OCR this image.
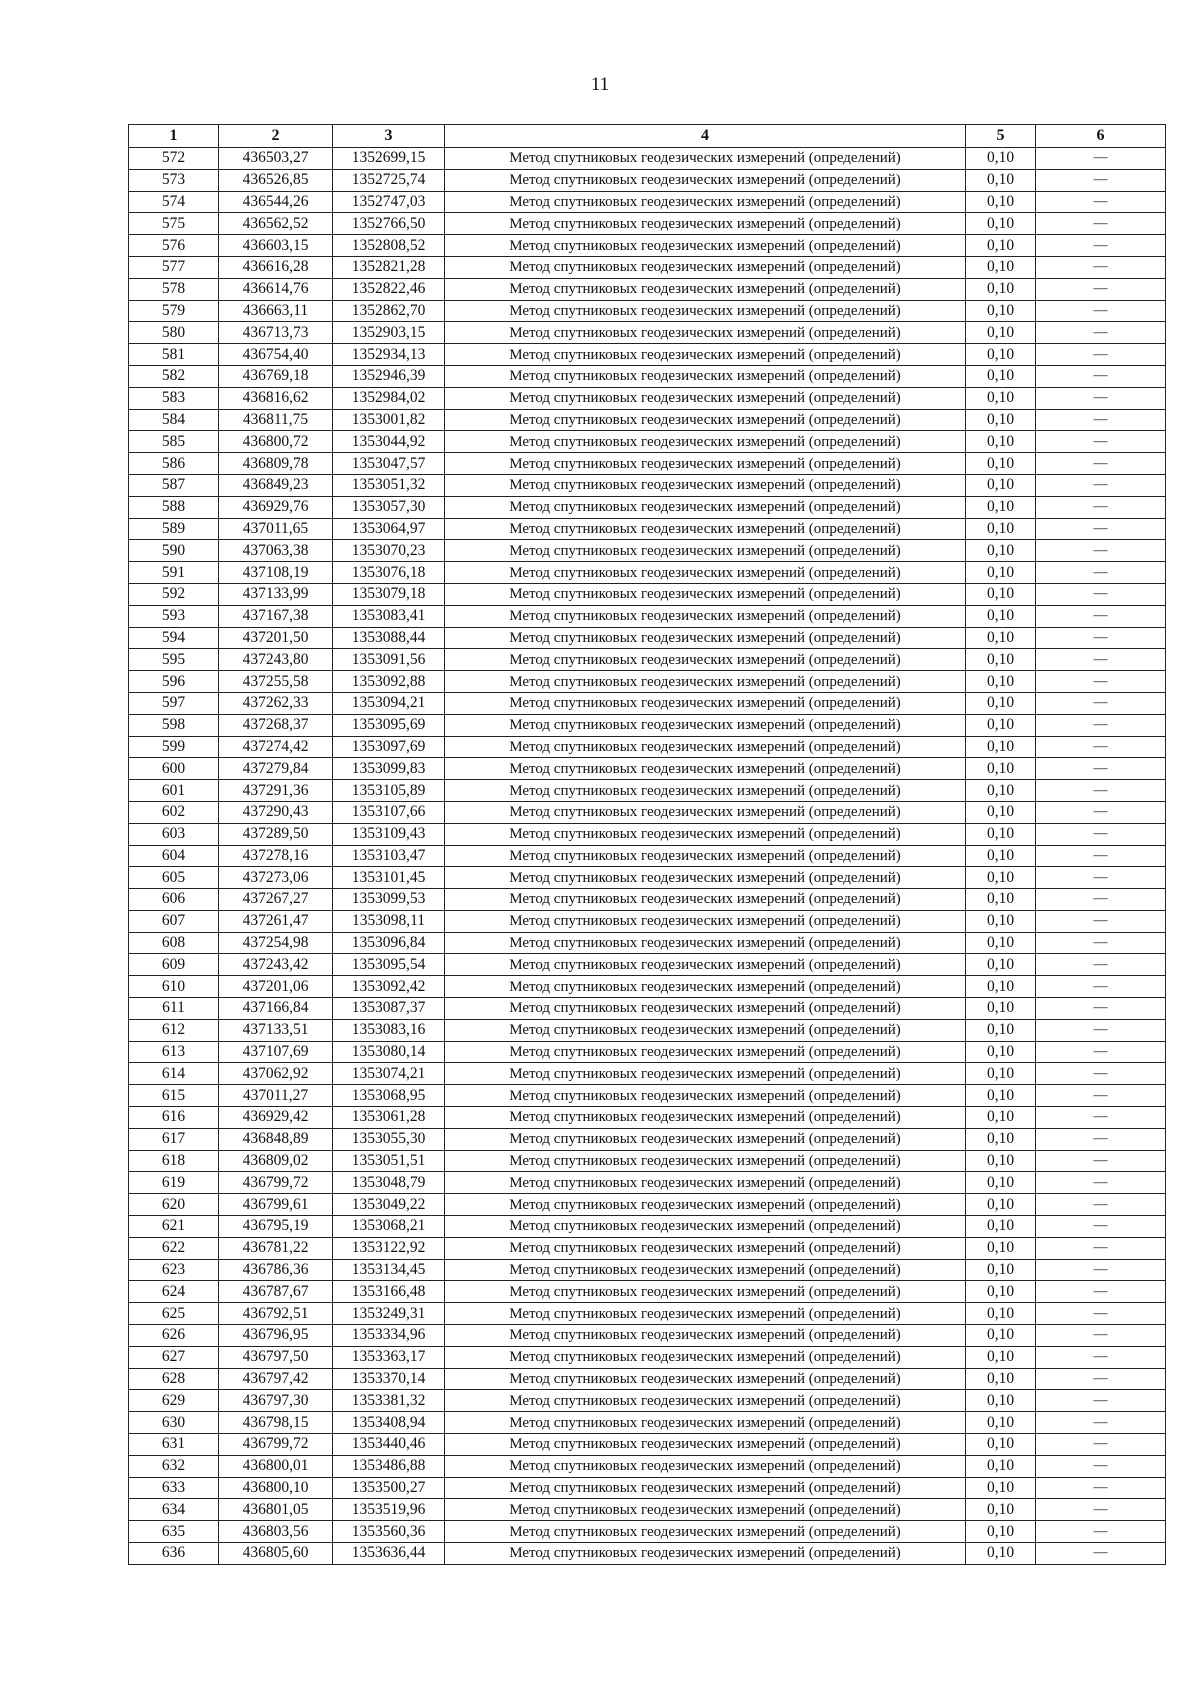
11
1	2	3	4	5	6
572	436503,27	1352699,15	Метод спутниковых геодезических измерений (определений)	0,10	—
573	436526,85	1352725,74	Метод спутниковых геодезических измерений (определений)	0,10	—
574	436544,26	1352747,03	Метод спутниковых геодезических измерений (определений)	0,10	—
575	436562,52	1352766,50	Метод спутниковых геодезических измерений (определений)	0,10	—
576	436603,15	1352808,52	Метод спутниковых геодезических измерений (определений)	0,10	—
577	436616,28	1352821,28	Метод спутниковых геодезических измерений (определений)	0,10	—
578	436614,76	1352822,46	Метод спутниковых геодезических измерений (определений)	0,10	—
579	436663,11	1352862,70	Метод спутниковых геодезических измерений (определений)	0,10	—
580	436713,73	1352903,15	Метод спутниковых геодезических измерений (определений)	0,10	—
581	436754,40	1352934,13	Метод спутниковых геодезических измерений (определений)	0,10	—
582	436769,18	1352946,39	Метод спутниковых геодезических измерений (определений)	0,10	—
583	436816,62	1352984,02	Метод спутниковых геодезических измерений (определений)	0,10	—
584	436811,75	1353001,82	Метод спутниковых геодезических измерений (определений)	0,10	—
585	436800,72	1353044,92	Метод спутниковых геодезических измерений (определений)	0,10	—
586	436809,78	1353047,57	Метод спутниковых геодезических измерений (определений)	0,10	—
587	436849,23	1353051,32	Метод спутниковых геодезических измерений (определений)	0,10	—
588	436929,76	1353057,30	Метод спутниковых геодезических измерений (определений)	0,10	—
589	437011,65	1353064,97	Метод спутниковых геодезических измерений (определений)	0,10	—
590	437063,38	1353070,23	Метод спутниковых геодезических измерений (определений)	0,10	—
591	437108,19	1353076,18	Метод спутниковых геодезических измерений (определений)	0,10	—
592	437133,99	1353079,18	Метод спутниковых геодезических измерений (определений)	0,10	—
593	437167,38	1353083,41	Метод спутниковых геодезических измерений (определений)	0,10	—
594	437201,50	1353088,44	Метод спутниковых геодезических измерений (определений)	0,10	—
595	437243,80	1353091,56	Метод спутниковых геодезических измерений (определений)	0,10	—
596	437255,58	1353092,88	Метод спутниковых геодезических измерений (определений)	0,10	—
597	437262,33	1353094,21	Метод спутниковых геодезических измерений (определений)	0,10	—
598	437268,37	1353095,69	Метод спутниковых геодезических измерений (определений)	0,10	—
599	437274,42	1353097,69	Метод спутниковых геодезических измерений (определений)	0,10	—
600	437279,84	1353099,83	Метод спутниковых геодезических измерений (определений)	0,10	—
601	437291,36	1353105,89	Метод спутниковых геодезических измерений (определений)	0,10	—
602	437290,43	1353107,66	Метод спутниковых геодезических измерений (определений)	0,10	—
603	437289,50	1353109,43	Метод спутниковых геодезических измерений (определений)	0,10	—
604	437278,16	1353103,47	Метод спутниковых геодезических измерений (определений)	0,10	—
605	437273,06	1353101,45	Метод спутниковых геодезических измерений (определений)	0,10	—
606	437267,27	1353099,53	Метод спутниковых геодезических измерений (определений)	0,10	—
607	437261,47	1353098,11	Метод спутниковых геодезических измерений (определений)	0,10	—
608	437254,98	1353096,84	Метод спутниковых геодезических измерений (определений)	0,10	—
609	437243,42	1353095,54	Метод спутниковых геодезических измерений (определений)	0,10	—
610	437201,06	1353092,42	Метод спутниковых геодезических измерений (определений)	0,10	—
611	437166,84	1353087,37	Метод спутниковых геодезических измерений (определений)	0,10	—
612	437133,51	1353083,16	Метод спутниковых геодезических измерений (определений)	0,10	—
613	437107,69	1353080,14	Метод спутниковых геодезических измерений (определений)	0,10	—
614	437062,92	1353074,21	Метод спутниковых геодезических измерений (определений)	0,10	—
615	437011,27	1353068,95	Метод спутниковых геодезических измерений (определений)	0,10	—
616	436929,42	1353061,28	Метод спутниковых геодезических измерений (определений)	0,10	—
617	436848,89	1353055,30	Метод спутниковых геодезических измерений (определений)	0,10	—
618	436809,02	1353051,51	Метод спутниковых геодезических измерений (определений)	0,10	—
619	436799,72	1353048,79	Метод спутниковых геодезических измерений (определений)	0,10	—
620	436799,61	1353049,22	Метод спутниковых геодезических измерений (определений)	0,10	—
621	436795,19	1353068,21	Метод спутниковых геодезических измерений (определений)	0,10	—
622	436781,22	1353122,92	Метод спутниковых геодезических измерений (определений)	0,10	—
623	436786,36	1353134,45	Метод спутниковых геодезических измерений (определений)	0,10	—
624	436787,67	1353166,48	Метод спутниковых геодезических измерений (определений)	0,10	—
625	436792,51	1353249,31	Метод спутниковых геодезических измерений (определений)	0,10	—
626	436796,95	1353334,96	Метод спутниковых геодезических измерений (определений)	0,10	—
627	436797,50	1353363,17	Метод спутниковых геодезических измерений (определений)	0,10	—
628	436797,42	1353370,14	Метод спутниковых геодезических измерений (определений)	0,10	—
629	436797,30	1353381,32	Метод спутниковых геодезических измерений (определений)	0,10	—
630	436798,15	1353408,94	Метод спутниковых геодезических измерений (определений)	0,10	—
631	436799,72	1353440,46	Метод спутниковых геодезических измерений (определений)	0,10	—
632	436800,01	1353486,88	Метод спутниковых геодезических измерений (определений)	0,10	—
633	436800,10	1353500,27	Метод спутниковых геодезических измерений (определений)	0,10	—
634	436801,05	1353519,96	Метод спутниковых геодезических измерений (определений)	0,10	—
635	436803,56	1353560,36	Метод спутниковых геодезических измерений (определений)	0,10	—
636	436805,60	1353636,44	Метод спутниковых геодезических измерений (определений)	0,10	—
